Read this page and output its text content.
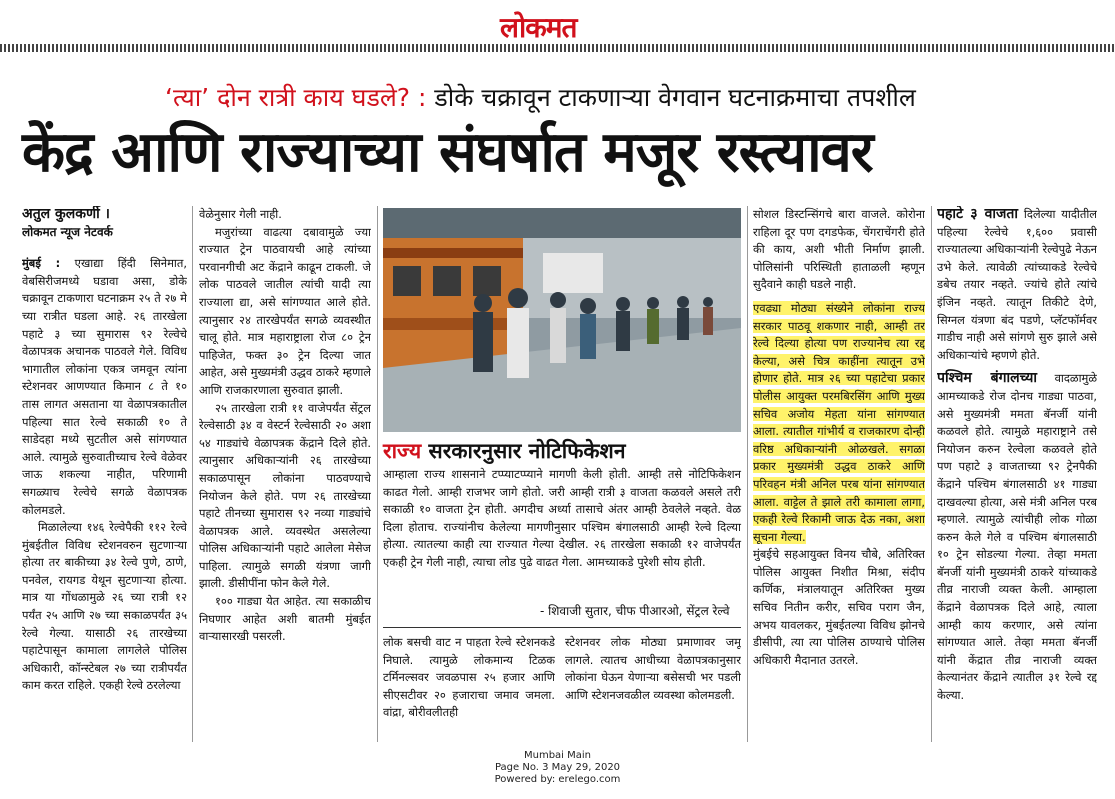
लोकमत
‘त्या’ दोन रात्री काय घडले? : डोके चक्रावून टाकणाऱ्या वेगवान घटनाक्रमाचा तपशील
केंद्र आणि राज्याच्या संघर्षात मजूर रस्त्यावर
अतुल कुलकर्णी ।
लोकमत न्यूज नेटवर्क

मुंबई : एखाद्या हिंदी सिनेमात, वेबसिरीजमध्ये घडावा असा, डोके चक्रावून टाकणारा घटनाक्रम २५ ते २७ मे च्या रात्रीत घडला आहे. २६ तारखेला पहाटे ३ च्या सुमारास ९२ रेल्वेचे वेळापत्रक अचानक पाठवले गेले. विविध भागातील लोकांना एकत्र जमवून त्यांना स्टेशनवर आणण्यात किमान ८ ते १० तास लागत असताना या वेळापत्रकातील पहिल्या सात रेल्वे सकाळी १० ते साडेदहा मध्ये सुटतील असे सांगण्यात आले. त्यामुळे सुरुवातीच्याच रेल्वे वेळेवर जाऊ शकल्या नाहीत, परिणामी सगळ्याच रेल्वेचे सगळे वेळापत्रक कोलमडले.

मिळालेल्या १४६ रेल्वेपैकी ११२ रेल्वे मुंबईतील विविध स्टेशनवरुन सुटणाऱ्या होत्या तर बाकीच्या ३४ रेल्वे पुणे, ठाणे, पनवेल, रायगड येथून सुटणाऱ्या होत्या. मात्र या गोंधळामुळे २६ च्या रात्री १२ पर्यंत २५ आणि २७ च्या सकाळपर्यंत ३५ रेल्वे गेल्या. यासाठी २६ तारखेच्या पहाटेपासून कामाला लागलेले पोलिस अधिकारी, कॉन्स्टेबल २७ च्या रात्रीपर्यंत काम करत राहिले. एकही रेल्वे ठरलेल्या

वेळेनुसार गेली नाही.

मजुरांच्या वाढत्या दबावामुळे ज्या राज्यात ट्रेन पाठवायची आहे त्यांच्या परवानगीची अट केंद्राने काढून टाकली. जे लोक पाठवले जातील त्यांची यादी त्या राज्याला द्या, असे सांगण्यात आले होते. त्यानुसार २४ तारखेपर्यंत सगळे व्यवस्थीत चालू होते. मात्र महाराष्ट्राला रोज ८० ट्रेन पाहिजेत, फक्त ३० ट्रेन दिल्या जात आहेत, असे मुख्यमंत्री उद्धव ठाकरे म्हणाले आणि राजकारणाला सुरुवात झाली.

२५ तारखेला रात्री ११ वाजेपर्यंत सेंट्रल रेल्वेसाठी ३४ व वेस्टर्न रेल्वेसाठी २० अशा ५४ गाड्यांचे वेळापत्रक केंद्राने दिले होते. त्यानुसार अधिकाऱ्यांनी २६ तारखेच्या सकाळपासून लोकांना पाठवण्याचे नियोजन केले होते. पण २६ तारखेच्या पहाटे तीनच्या सुमारास ९२ नव्या गाड्यांचे वेळापत्रक आले. व्यवस्थेत असलेल्या पोलिस अधिकाऱ्यांनी पहाटे आलेला मेसेज पाहिला. त्यामुळे सगळी यंत्रणा जागी झाली. डीसीपींना फोन केले गेले.

१०० गाड्या येत आहेत. त्या सकाळीच निघणार आहेत अशी बातमी मुंबईत वाऱ्यासारखी पसरली.

राज्य सरकारनुसार नोटिफिकेशन
आम्हाला राज्य शासनाने टप्प्याटप्प्याने मागणी केली होती. आम्ही तसे नोटिफिकेशन काढत गेलो. आम्ही राजभर जागे होतो. जरी आम्ही रात्री ३ वाजता कळवले असले तरी सकाळी १० वाजता ट्रेन होती. अगदीच अर्ध्या तासाचे अंतर आम्ही ठेवलेले नव्हते. वेळ दिला होताच. राज्यांनीच केलेल्या मागणीनुसार पश्चिम बंगालसाठी आम्ही रेल्वे दिल्या होत्या. त्यातल्या काही त्या राज्यात गेल्या देखील. २६ तारखेला सकाळी १२ वाजेपर्यंत एकही ट्रेन गेली नाही, त्याचा लोड पुढे वाढत गेला. आमच्याकडे पुरेशी सोय होती.
- शिवाजी सुतार, चीफ पीआरओ, सेंट्रल रेल्वे

लोक बसची वाट न पाहता रेल्वे स्टेशनकडे निघाले. त्यामुळे लोकमान्य टिळक टर्मिनल्सवर जवळपास २५ हजार आणि सीएसटीवर २० हजाराचा जमाव जमला. वांद्रा, बोरीवलीतही

स्टेशनवर लोक मोठ्या प्रमाणावर जमू लागले. त्यातच आधीच्या वेळापत्रकानुसार लोकांना घेऊन येणाऱ्या बसेसची भर पडली आणि स्टेशनजवळील व्यवस्था कोलमडली.

सोशल डिस्टन्सिंगचे बारा वाजले. कोरोना राहिला दूर पण दगडफेक, चेंगराचेंगरी होते की काय, अशी भीती निर्माण झाली. पोलिसांनी परिस्थिती हाताळली म्हणून सुदैवाने काही घडले नाही.

एवढ्या मोठ्या संख्येने लोकांना राज्य सरकार पाठवू शकणार नाही, आम्ही तर रेल्वे दिल्या होत्या पण राज्यानेच त्या रद्द केल्या, असे चित्र काहींना त्यातून उभे होणार होते. मात्र २६ च्या पहाटेचा प्रकार पोलीस आयुक्त परमबिरसिंग आणि मुख्य सचिव अजोय मेहता यांना सांगण्यात आला. त्यातील गांभीर्य व राजकारण दोन्ही वरिष्ठ अधिकाऱ्यांनी ओळखले. सगळा प्रकार मुख्यमंत्री उद्धव ठाकरे आणि परिवहन मंत्री अनिल परब यांना सांगण्यात आला. वाट्टेल ते झाले तरी कामाला लागा, एकही रेल्वे रिकामी जाऊ देऊ नका, अशा सूचना गेल्या.

मुंबईचे सहआयुक्त विनय चौबे, अतिरिक्त पोलिस आयुक्त निशीत मिश्रा, संदीप कर्णिक, मंत्रालयातून अतिरिक्त मुख्य सचिव नितीन करीर, सचिव पराग जैन, अभय यावलकर, मुंबईतल्या विविध झोनचे डीसीपी, त्या त्या पोलिस ठाण्याचे पोलिस अधिकारी मैदानात उतरले.

पहाटे ३ वाजता दिलेल्या यादीतील पहिल्या रेल्वेचे १,६०० प्रवासी राज्यातल्या अधिकाऱ्यांनी रेल्वेपुढे नेऊन उभे केले. त्यावेळी त्यांच्याकडे रेल्वेचे डबेच तयार नव्हते. ज्यांचे होते त्यांचे इंजिन नव्हते. त्यातून तिकीटे देणे, सिग्नल यंत्रणा बंद पडणे, प्लॅटफॉर्मवर गाडीच नाही असे सांगणे सुरु झाले असे अधिकाऱ्यांचे म्हणणे होते.

पश्चिम बंगालच्या वादळामुळे आमच्याकडे रोज दोनच गाड्या पाठवा, असे मुख्यमंत्री ममता बॅनर्जी यांनी कळवले होते. त्यामुळे महाराष्ट्राने तसे नियोजन करुन रेल्वेला कळवले होते पण पहाटे ३ वाजताच्या ९२ ट्रेनपैकी केंद्राने पश्चिम बंगालसाठी ४१ गाड्या दाखवल्या होत्या, असे मंत्री अनिल परब म्हणाले. त्यामुळे त्यांचीही लोक गोळा करुन केले गेले व पश्चिम बंगालसाठी १० ट्रेन सोडल्या गेल्या. तेव्हा ममता बॅनर्जी यांनी मुख्यमंत्री ठाकरे यांच्याकडे तीव्र नाराजी व्यक्त केली. आम्हाला केंद्राने वेळापत्रक दिले आहे, त्याला आम्ही काय करणार, असे त्यांना सांगण्यात आले. तेव्हा ममता बॅनर्जी यांनी केंद्रात तीव्र नाराजी व्यक्त केल्यानंतर केंद्राने त्यातील ३१ रेल्वे रद्द केल्या.

Mumbai Main
Page No. 3 May 29, 2020
Powered by: erelego.com
